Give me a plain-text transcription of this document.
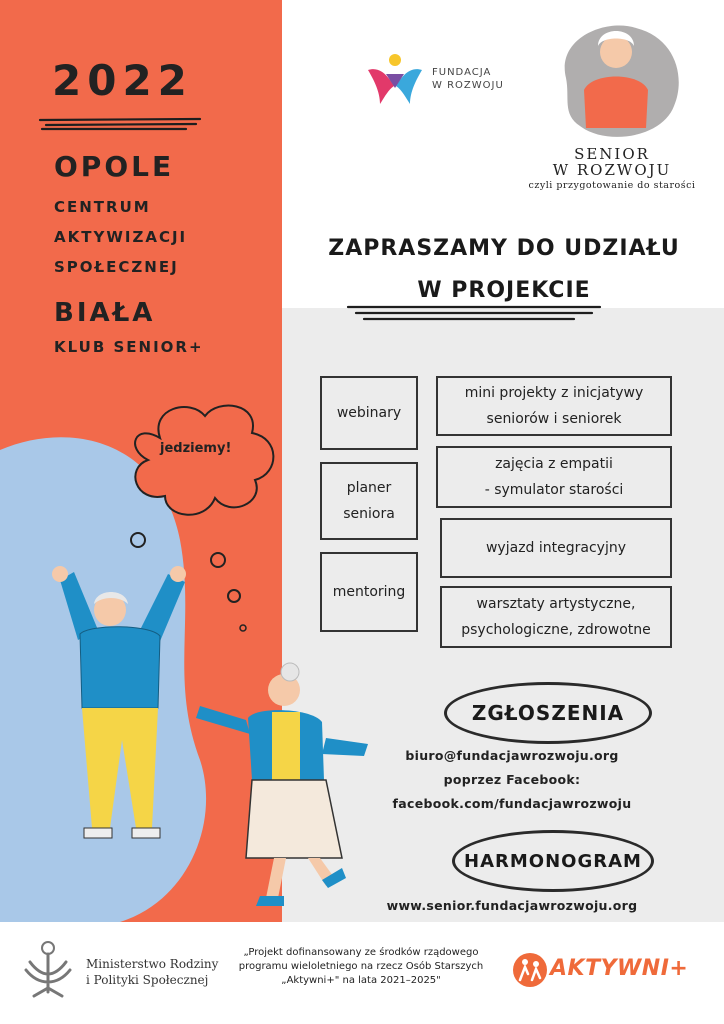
2022
OPOLE
CENTRUM
AKTYWIZACJI
SPOŁECZNEJ
BIAŁA
KLUB SENIOR+
jedziemy!
FUNDACJA
W ROZWOJU
SENIOR
W ROZWOJU
czyli przygotowanie do starości
ZAPRASZAMY DO UDZIAŁU
W PROJEKCIE
webinary
planer
seniora
mentoring
mini projekty z inicjatywy
seniorów i seniorek
zajęcia z empatii
- symulator starości
wyjazd integracyjny
warsztaty artystyczne,
psychologiczne, zdrowotne
ZGŁOSZENIA
biuro@fundacjawrozwoju.org
poprzez Facebook:
facebook.com/fundacjawrozwoju
HARMONOGRAM
www.senior.fundacjawrozwoju.org
Ministerstwo Rodziny
i Polityki Społecznej
„Projekt dofinansowany ze środków rządowego
programu wieloletniego na rzecz Osób Starszych
„Aktywni+" na lata 2021–2025"	AKTYWNI+
